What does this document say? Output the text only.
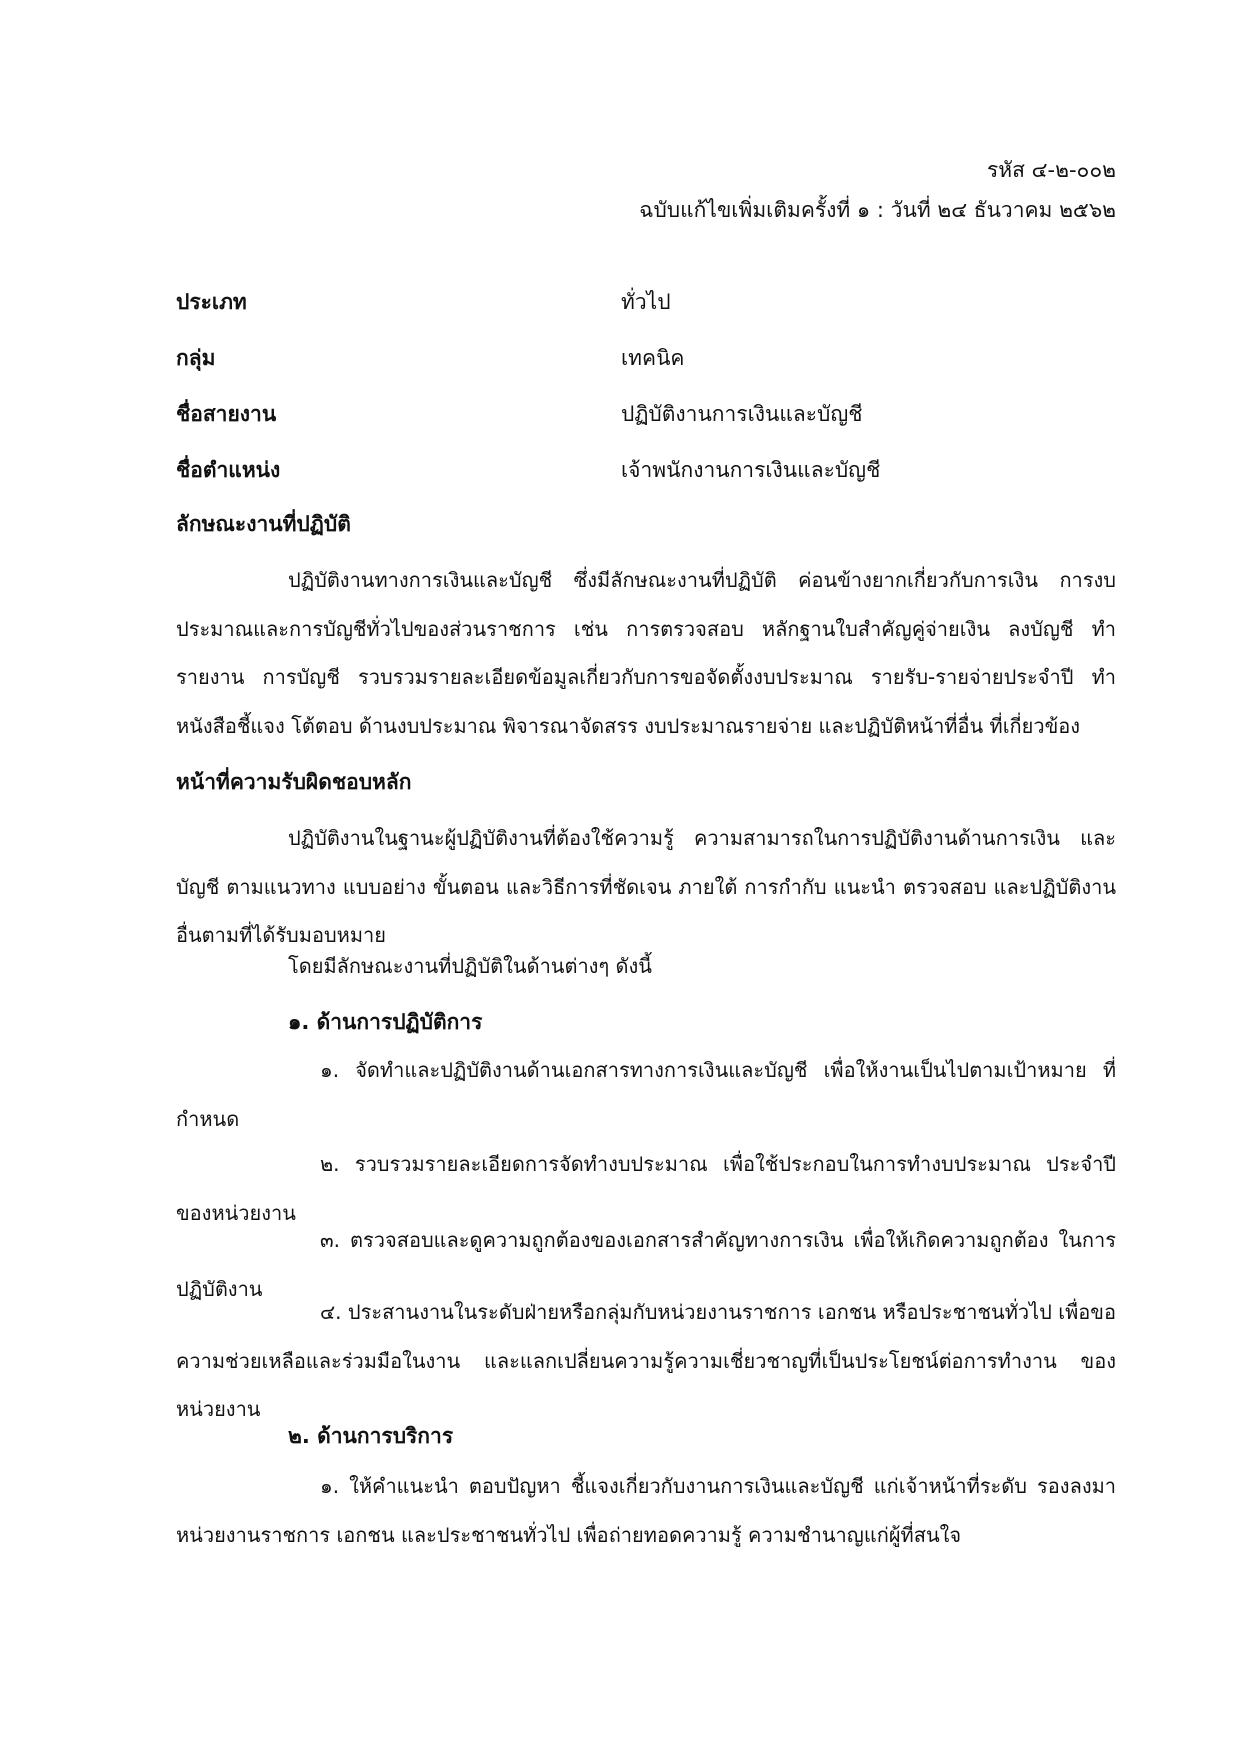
รหัส ๔-๒-๐๐๒
ฉบับแก้ไขเพิ่มเติมครั้งที่ ๑ : วันที่ ๒๔ ธันวาคม ๒๕๖๒
ประเภท	ทั่วไป
กลุ่ม	เทคนิค
ชื่อสายงาน	ปฏิบัติงานการเงินและบัญชี
ชื่อตำแหน่ง	เจ้าพนักงานการเงินและบัญชี
ลักษณะงานที่ปฏิบัติ
ปฏิบัติงานทางการเงินและบัญชี ซึ่งมีลักษณะงานที่ปฏิบัติ ค่อนข้างยากเกี่ยวกับการเงิน การงบประมาณและการบัญชีทั่วไปของส่วนราชการ เช่น การตรวจสอบ หลักฐานใบสำคัญคู่จ่ายเงิน ลงบัญชี ทำรายงาน การบัญชี รวบรวมรายละเอียดข้อมูลเกี่ยวกับการขอจัดตั้งงบประมาณ รายรับ-รายจ่ายประจำปี ทำหนังสือชี้แจง โต้ตอบ ด้านงบประมาณ พิจารณาจัดสรร งบประมาณรายจ่าย และปฏิบัติหน้าที่อื่น ที่เกี่ยวข้อง
หน้าที่ความรับผิดชอบหลัก
ปฏิบัติงานในฐานะผู้ปฏิบัติงานที่ต้องใช้ความรู้ ความสามารถในการปฏิบัติงานด้านการเงิน และบัญชี ตามแนวทาง แบบอย่าง ขั้นตอน และวิธีการที่ชัดเจน ภายใต้ การกำกับ แนะนำ ตรวจสอบ และปฏิบัติงานอื่นตามที่ได้รับมอบหมาย
โดยมีลักษณะงานที่ปฏิบัติในด้านต่างๆ ดังนี้
๑. ด้านการปฏิบัติการ
๑. จัดทำและปฏิบัติงานด้านเอกสารทางการเงินและบัญชี เพื่อให้งานเป็นไปตามเป้าหมาย ที่กำหนด
๒. รวบรวมรายละเอียดการจัดทำงบประมาณ เพื่อใช้ประกอบในการทำงบประมาณ ประจำปี ของหน่วยงาน
๓. ตรวจสอบและดูความถูกต้องของเอกสารสำคัญทางการเงิน เพื่อให้เกิดความถูกต้อง ในการปฏิบัติงาน
๔. ประสานงานในระดับฝ่ายหรือกลุ่มกับหน่วยงานราชการ เอกชน หรือประชาชนทั่วไป เพื่อขอความช่วยเหลือและร่วมมือในงาน และแลกเปลี่ยนความรู้ความเชี่ยวชาญที่เป็นประโยชน์ต่อการทำงาน ของหน่วยงาน
๒. ด้านการบริการ
๑. ให้คำแนะนำ ตอบปัญหา ชี้แจงเกี่ยวกับงานการเงินและบัญชี แก่เจ้าหน้าที่ระดับ รองลงมา หน่วยงานราชการ เอกชน และประชาชนทั่วไป เพื่อถ่ายทอดความรู้ ความชำนาญแก่ผู้ที่สนใจ
